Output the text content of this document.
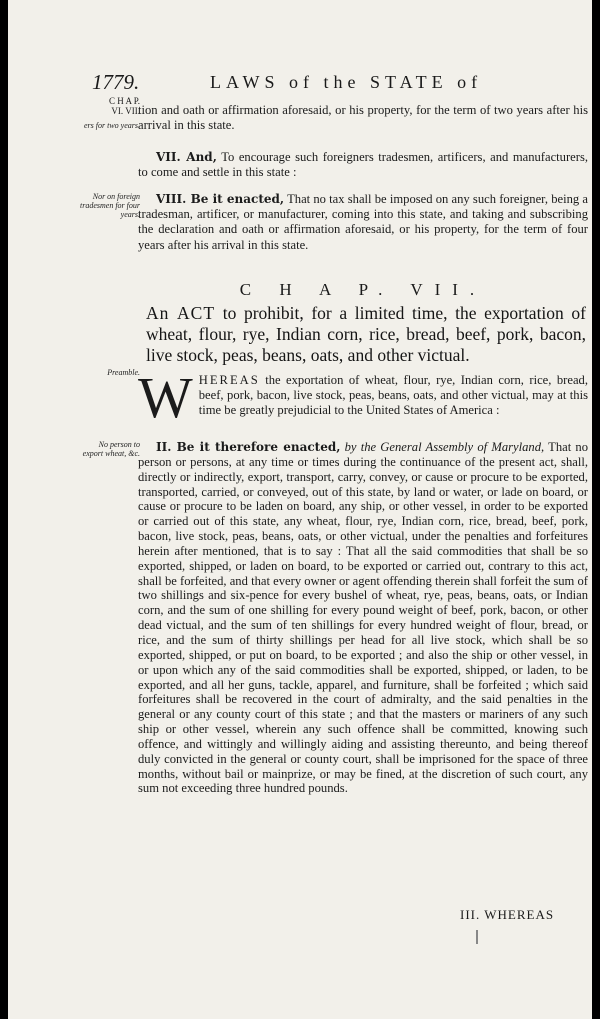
1779.	LAWS of the STATE of
C H A P.
VI. VII.
ers for two years.

tion and oath or affirmation aforesaid, or his property, for the term of two years after his arrival in this state.

VII. And, To encourage such foreigners tradesmen, artificers, and manufacturers, to come and settle in this state :

Nor on foreign tradesmen for four years.

VIII. Be it enacted, That no tax shall be imposed on any such foreigner, being a tradesman, artificer, or manufacturer, coming into this state, and taking and subscribing the declaration and oath or affirmation aforesaid, or his property, for the term of four years after his arrival in this state.

C H A P. VII.
An ACT to prohibit, for a limited time, the exportation of wheat, flour, rye, Indian corn, rice, bread, beef, pork, bacon, live stock, peas, beans, oats, and other victual.
Preamble.

W HEREAS the exportation of wheat, flour, rye, Indian corn, rice, bread, beef, pork, bacon, live stock, peas, beans, oats, and other victual, may at this time be greatly prejudicial to the United States of America :

No person to export wheat, &c.	II. Be it therefore enacted, by the General Assembly of Maryland, That no person or persons, at any time or times during the continuance of the present act, shall, directly or indirectly, export, transport, carry, convey, or cause or procure to be exported, transported, carried, or conveyed, out of this state, by land or water, or lade on board, or cause or procure to be laden on board, any ship, or other vessel, in order to be exported or carried out of this state, any wheat, flour, rye, Indian corn, rice, bread, beef, pork, bacon, live stock, peas, beans, oats, or other victual, under the penalties and forfeitures herein after mentioned, that is to say : That all the said commodities that shall be so exported, shipped, or laden on board, to be exported or carried out, contrary to this act, shall be forfeited, and that every owner or agent offending therein shall forfeit the sum of two shillings and six-pence for every bushel of wheat, rye, peas, beans, oats, or Indian corn, and the sum of one shilling for every pound weight of beef, pork, bacon, or other dead victual, and the sum of ten shillings for every hundred weight of flour, bread, or rice, and the sum of thirty shillings per head for all live stock, which shall be so exported, shipped, or put on board, to be exported ; and also the ship or other vessel, in or upon which any of the said commodities shall be exported, shipped, or laden, to be exported, and all her guns, tackle, apparel, and furniture, shall be forfeited ; which said forfeitures shall be recovered in the court of admiralty, and the said penalties in the general or any county court of this state ; and that the masters or mariners of any such ship or other vessel, wherein any such offence shall be committed, knowing such offence, and wittingly and willingly aiding and assisting thereunto, and being thereof duly convicted in the general or county court, shall be imprisoned for the space of three months, without bail or mainprize, or may be fined, at the discretion of such court, any sum not exceeding three hundred pounds.

III. WHEREAS
